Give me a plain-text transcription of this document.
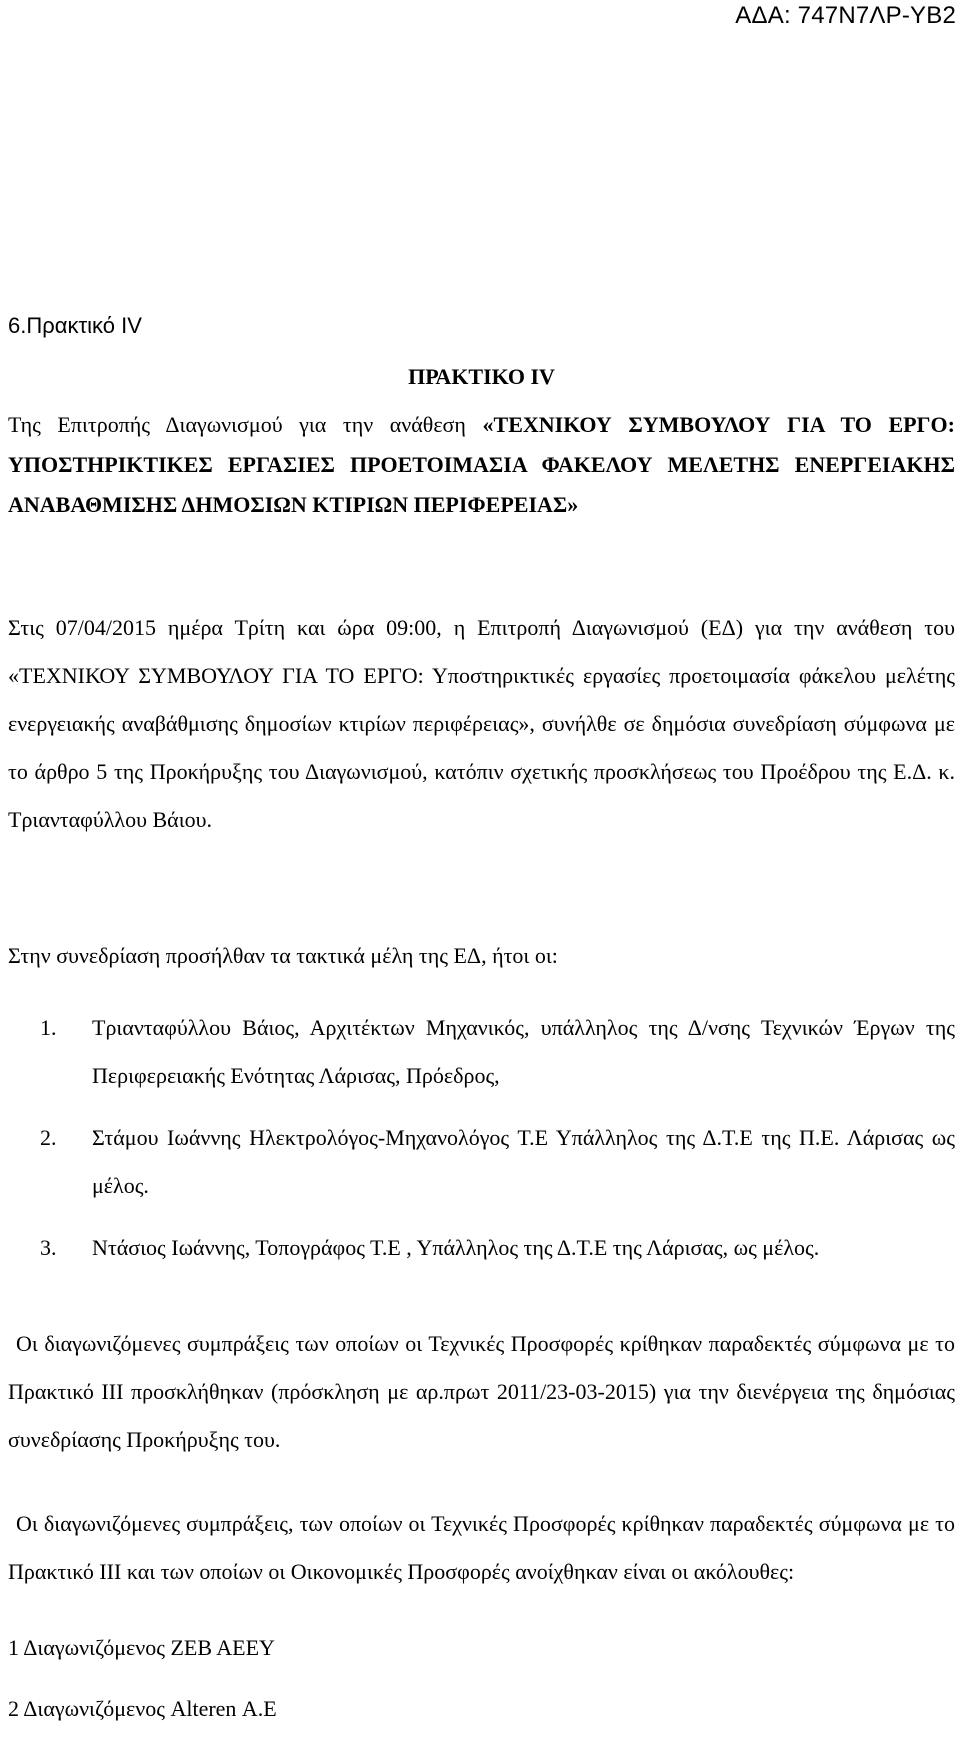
ΑΔΑ: 747Ν7ΛΡ-ΥΒ2
6.Πρακτικό IV
ΠΡΑΚΤΙΚΟ IV
Της Επιτροπής Διαγωνισμού για την ανάθεση «ΤΕΧΝΙΚΟΥ ΣΥΜΒΟΥΛΟΥ ΓΙΑ ΤΟ ΕΡΓΟ: ΥΠΟΣΤΗΡΙΚΤΙΚΕΣ ΕΡΓΑΣΙΕΣ ΠΡΟΕΤΟΙΜΑΣΙΑ ΦΑΚΕΛΟΥ ΜΕΛΕΤΗΣ ΕΝΕΡΓΕΙΑΚΗΣ ΑΝΑΒΑΘΜΙΣΗΣ ΔΗΜΟΣΙΩΝ ΚΤΙΡΙΩΝ ΠΕΡΙΦΕΡΕΙΑΣ»
Στις 07/04/2015 ημέρα Τρίτη και ώρα 09:00, η Επιτροπή Διαγωνισμού (ΕΔ) για την ανάθεση του «ΤΕΧΝΙΚΟΥ ΣΥΜΒΟΥΛΟΥ ΓΙΑ ΤΟ ΕΡΓΟ: Υποστηρικτικές εργασίες προετοιμασία φάκελου μελέτης ενεργειακής αναβάθμισης δημοσίων κτιρίων περιφέρειας», συνήλθε σε δημόσια συνεδρίαση σύμφωνα με το άρθρο 5 της Προκήρυξης του Διαγωνισμού, κατόπιν σχετικής προσκλήσεως του Προέδρου της Ε.Δ. κ. Τριανταφύλλου Βάιου.
Στην συνεδρίαση προσήλθαν τα τακτικά μέλη της ΕΔ, ήτοι οι:
1.	Τριανταφύλλου Βάιος, Αρχιτέκτων Μηχανικός, υπάλληλος της Δ/νσης Τεχνικών Έργων της Περιφερειακής Ενότητας Λάρισας, Πρόεδρος,
2.	Στάμου Ιωάννης Ηλεκτρολόγος-Μηχανολόγος Τ.Ε Υπάλληλος της Δ.Τ.Ε της Π.Ε. Λάρισας ως μέλος.
3.	Ντάσιος Ιωάννης, Τοπογράφος Τ.Ε , Υπάλληλος της Δ.Τ.Ε της Λάρισας, ως μέλος.
Οι διαγωνιζόμενες συμπράξεις των οποίων οι Τεχνικές Προσφορές κρίθηκαν παραδεκτές σύμφωνα με το Πρακτικό ΙΙΙ προσκλήθηκαν (πρόσκληση με αρ.πρωτ 2011/23-03-2015) για την διενέργεια της δημόσιας συνεδρίασης Προκήρυξης του.
Οι διαγωνιζόμενες συμπράξεις, των οποίων οι Τεχνικές Προσφορές κρίθηκαν παραδεκτές σύμφωνα με το Πρακτικό ΙΙΙ και των οποίων οι Οικονομικές Προσφορές ανοίχθηκαν είναι οι ακόλουθες:
1 Διαγωνιζόμενος ΖΕΒ ΑΕΕΥ
2 Διαγωνιζόμενος Alteren Α.Ε
